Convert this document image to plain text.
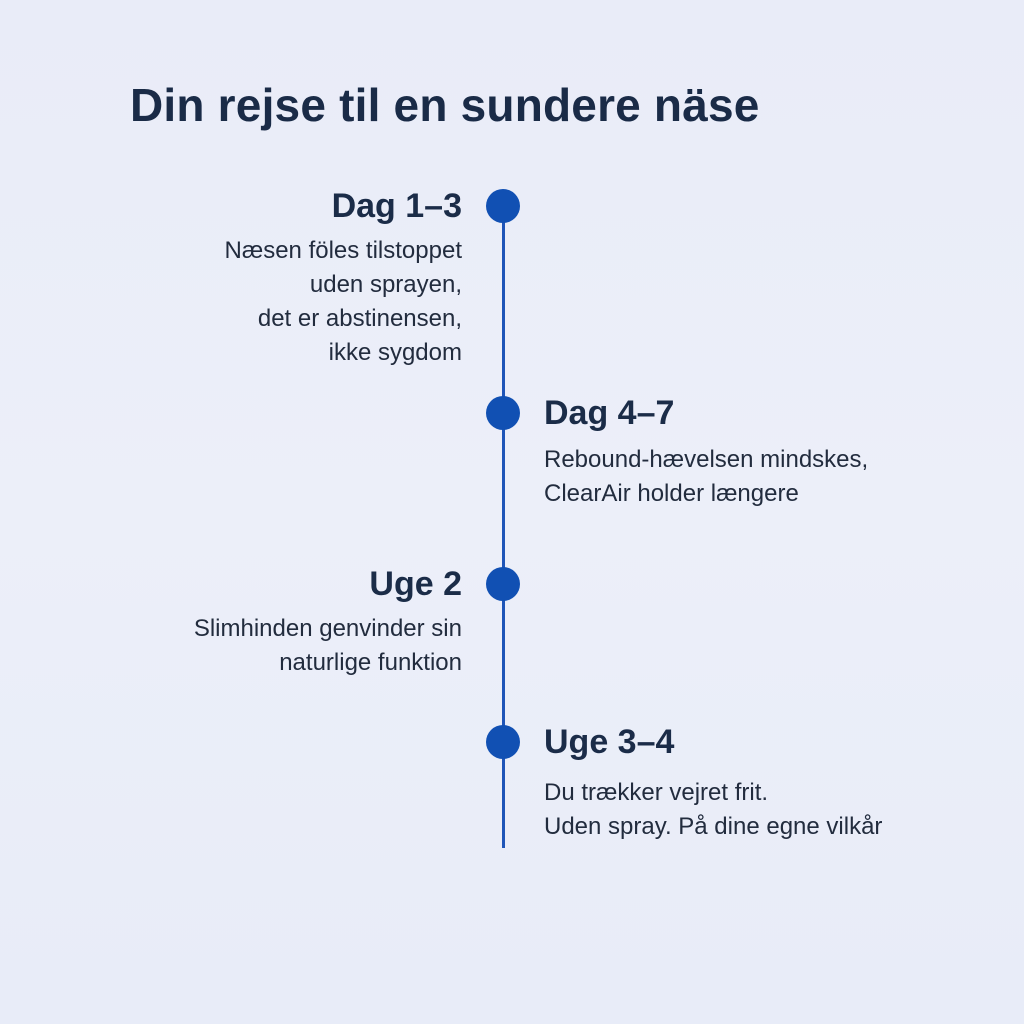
Din rejse til en sundere näse
Dag 1–3
Næsen föles tilstoppet
uden sprayen,
det er abstinensen,
ikke sygdom
Dag 4–7
Rebound-hævelsen mindskes,
ClearAir holder længere
Uge 2
Slimhinden genvinder sin
naturlige funktion
Uge 3–4
Du trækker vejret frit.
Uden spray. På dine egne vilkår
